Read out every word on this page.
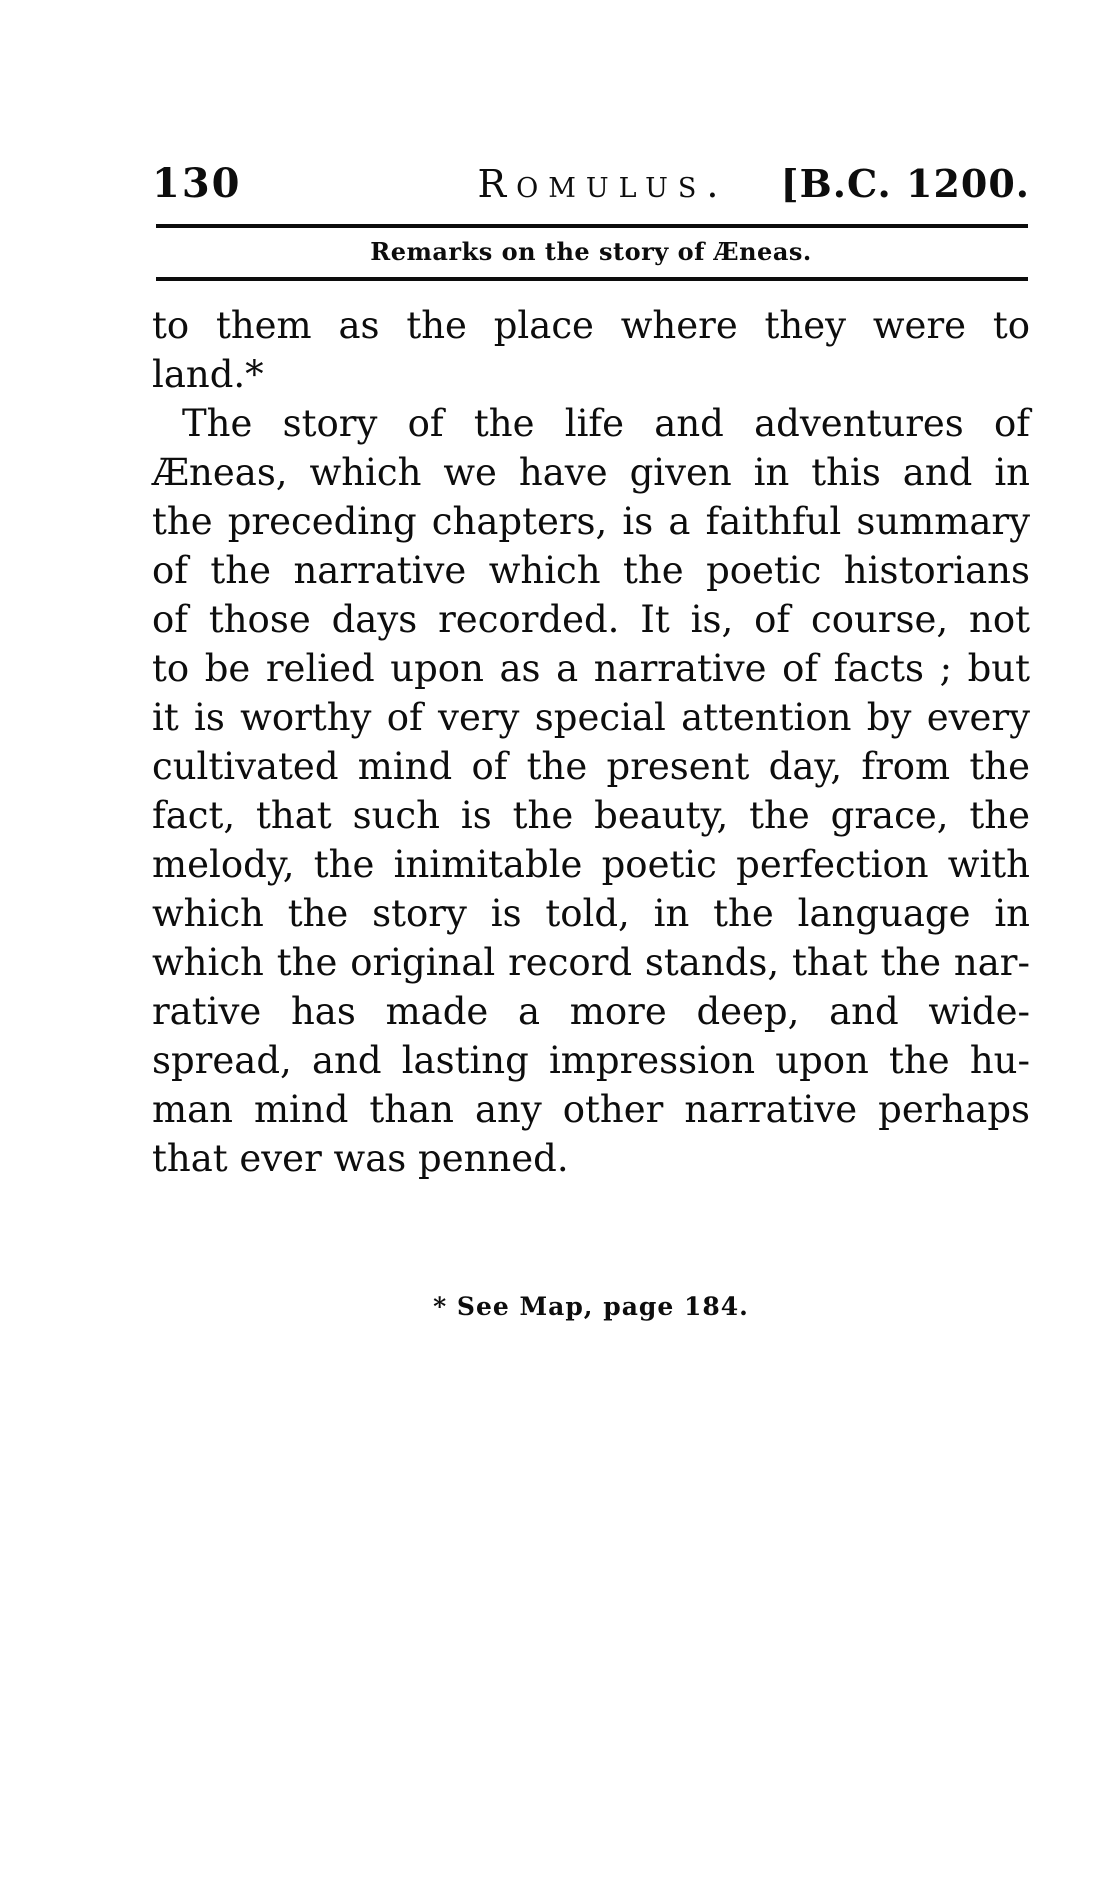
130	Romulus. [B.C. 1200.
Remarks on the story of Æneas.
to them as the place where they were to
land.*
The story of the life and adventures of
Æneas, which we have given in this and in
the preceding chapters, is a faithful summary
of the narrative which the poetic historians
of those days recorded. It is, of course, not
to be relied upon as a narrative of facts ; but
it is worthy of very special attention by every
cultivated mind of the present day, from the
fact, that such is the beauty, the grace, the
melody, the inimitable poetic perfection with
which the story is told, in the language in
which the original record stands, that the nar-
rative has made a more deep, and wide-
spread, and lasting impression upon the hu-
man mind than any other narrative perhaps
that ever was penned.
* See Map, page 184.
